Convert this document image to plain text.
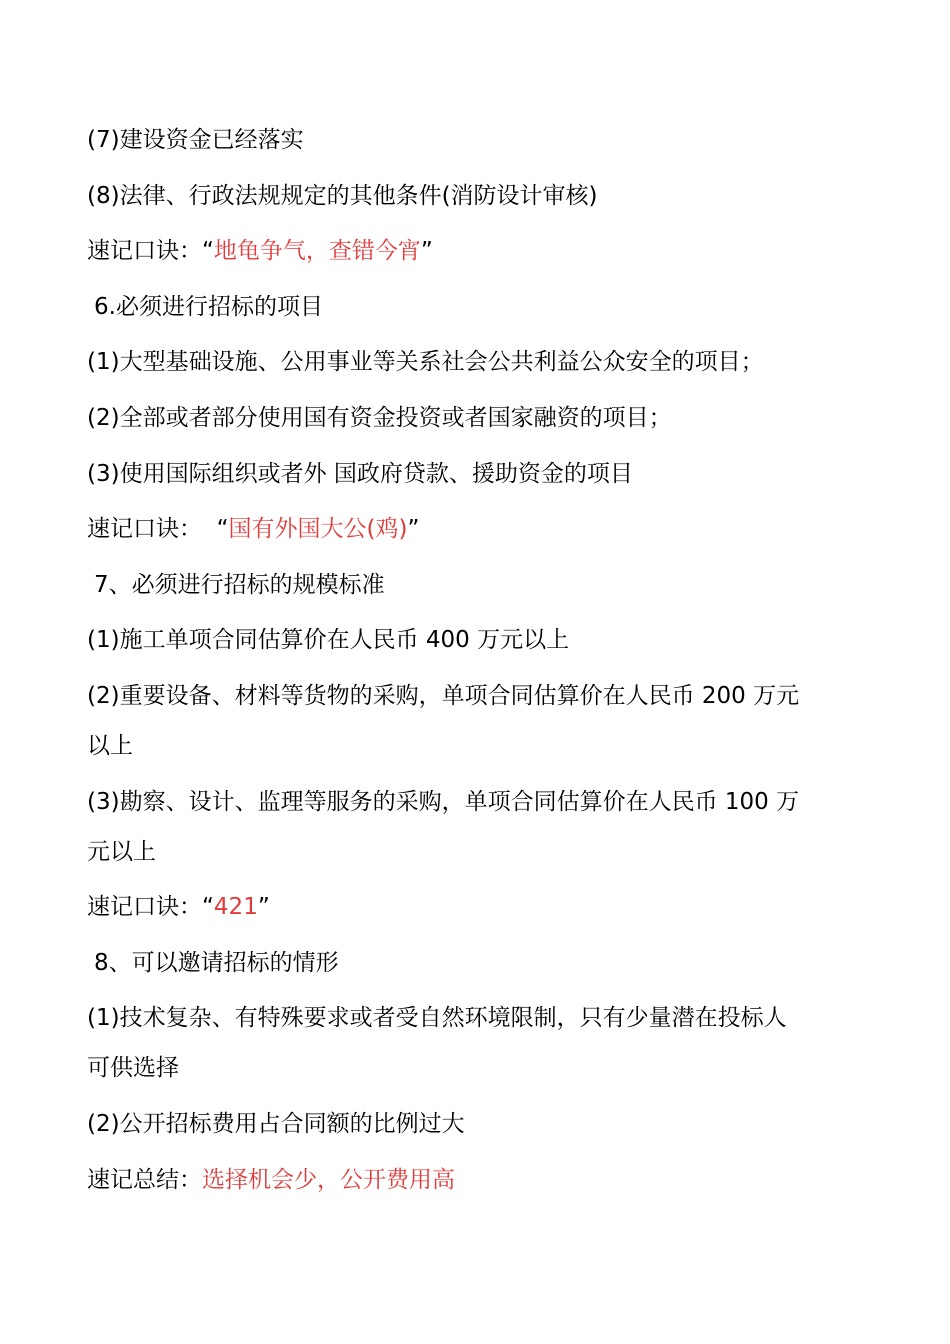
(7)建设资金已经落实
(8)法律、行政法规规定的其他条件(消防设计审核)
速记口诀：“地龟争气，查错今宵”
6.必须进行招标的项目
(1)大型基础设施、公用事业等关系社会公共利益公众安全的项目；
(2)全部或者部分使用国有资金投资或者国家融资的项目；
(3)使用国际组织或者外 国政府贷款、援助资金的项目
速记口诀：  “国有外国大公(鸡)”
7、必须进行招标的规模标准
(1)施工单项合同估算价在人民币 400 万元以上
(2)重要设备、材料等货物的采购，单项合同估算价在人民币 200 万元
以上
(3)勘察、设计、监理等服务的采购，单项合同估算价在人民币 100 万
元以上
速记口诀：“421”
8、可以邀请招标的情形
(1)技术复杂、有特殊要求或者受自然环境限制，只有少量潜在投标人
可供选择
(2)公开招标费用占合同额的比例过大
速记总结：选择机会少，公开费用高
